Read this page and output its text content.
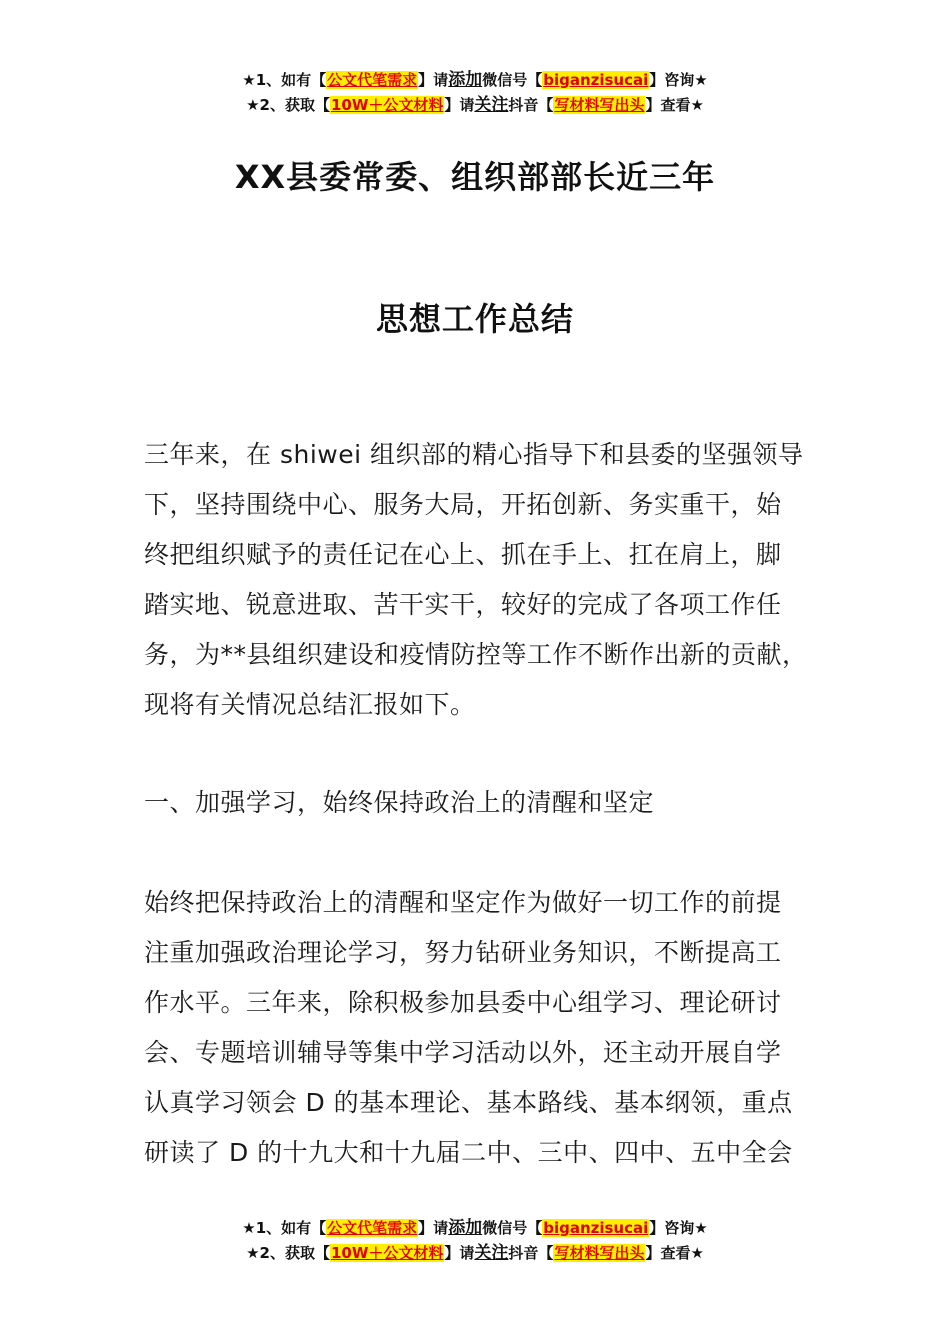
★1、如有【公文代笔需求】请添加微信号【biganzisucai】咨询★
★2、获取【10W＋公文材料】请关注抖音【写材料写出头】查看★
XX县委常委、组织部部长近三年
思想工作总结
三年来，在 shiwei 组织部的精心指导下和县委的坚强领导
下，坚持围绕中心、服务大局，开拓创新、务实重干，始
终把组织赋予的责任记在心上、抓在手上、扛在肩上，脚
踏实地、锐意进取、苦干实干，较好的完成了各项工作任
务，为**县组织建设和疫情防控等工作不断作出新的贡献，
现将有关情况总结汇报如下。
一、加强学习，始终保持政治上的清醒和坚定
始终把保持政治上的清醒和坚定作为做好一切工作的前提
注重加强政治理论学习，努力钻研业务知识，不断提高工
作水平。三年来，除积极参加县委中心组学习、理论研讨
会、专题培训辅导等集中学习活动以外，还主动开展自学
认真学习领会 D 的基本理论、基本路线、基本纲领，重点
研读了 D 的十九大和十九届二中、三中、四中、五中全会
★1、如有【公文代笔需求】请添加微信号【biganzisucai】咨询★
★2、获取【10W＋公文材料】请关注抖音【写材料写出头】查看★
